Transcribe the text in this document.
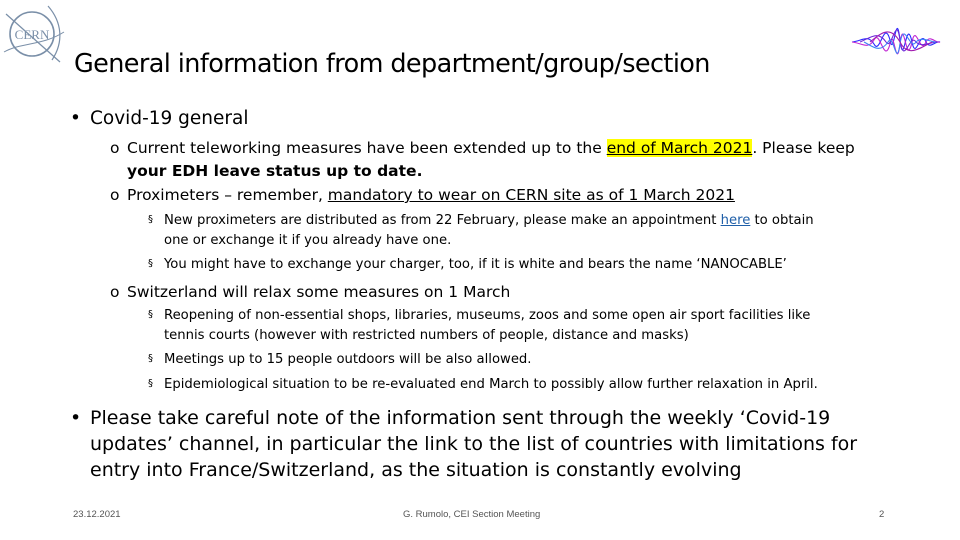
CERN
General information from department/group/section
• Covid-19 general
o Current teleworking measures have been extended up to the end of March 2021. Please keep
your EDH leave status up to date.
o Proximeters – remember, mandatory to wear on CERN site as of 1 March 2021
§ New proximeters are distributed as from 22 February, please make an appointment here to obtain
one or exchange it if you already have one.
§ You might have to exchange your charger, too, if it is white and bears the name ‘NANOCABLE’
o Switzerland will relax some measures on 1 March
§ Reopening of non-essential shops, libraries, museums, zoos and some open air sport facilities like
tennis courts (however with restricted numbers of people, distance and masks)
§ Meetings up to 15 people outdoors will be also allowed.
§ Epidemiological situation to be re-evaluated end March to possibly allow further relaxation in April.
• Please take careful note of the information sent through the weekly ‘Covid-19
updates’ channel, in particular the link to the list of countries with limitations for
entry into France/Switzerland, as the situation is constantly evolving
23.12.2021	G. Rumolo, CEI Section Meeting	2
